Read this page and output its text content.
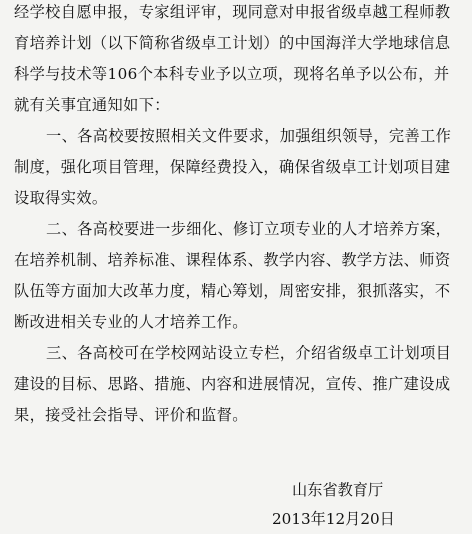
经学校自愿申报，专家组评审，现同意对申报省级卓越工程师教
育培养计划（以下简称省级卓工计划）的中国海洋大学地球信息
科学与技术等106个本科专业予以立项，现将名单予以公布，并
就有关事宜通知如下：
一、各高校要按照相关文件要求，加强组织领导，完善工作
制度，强化项目管理，保障经费投入，确保省级卓工计划项目建
设取得实效。
二、各高校要进一步细化、修订立项专业的人才培养方案，
在培养机制、培养标准、课程体系、教学内容、教学方法、师资
队伍等方面加大改革力度，精心筹划，周密安排，狠抓落实，不
断改进相关专业的人才培养工作。
三、各高校可在学校网站设立专栏，介绍省级卓工计划项目
建设的目标、思路、措施、内容和进展情况，宣传、推广建设成
果，接受社会指导、评价和监督。
山东省教育厅
2013年12月20日
